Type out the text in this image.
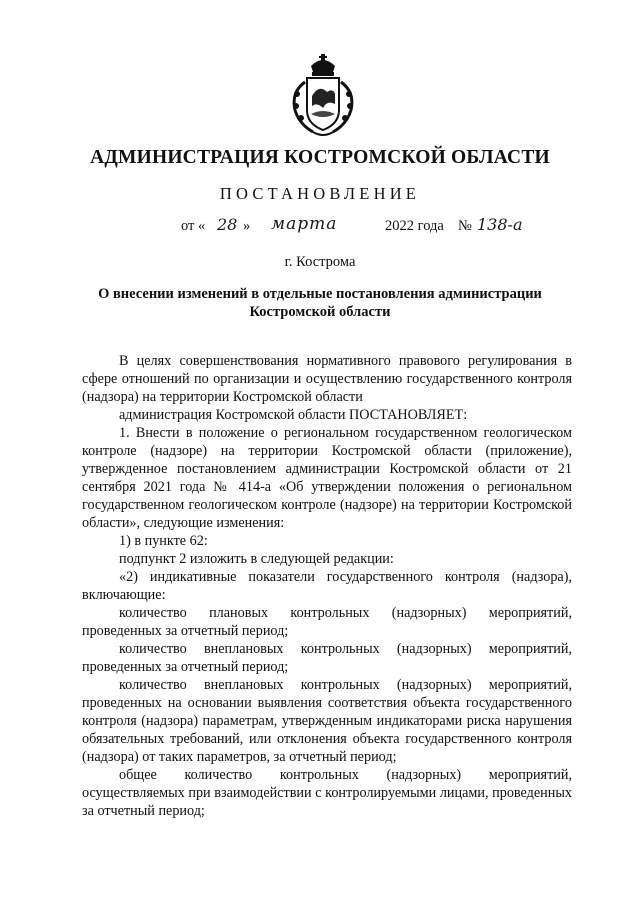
АДМИНИСТРАЦИЯ КОСТРОМСКОЙ ОБЛАСТИ
ПОСТАНОВЛЕНИЕ
от « 28 » марта	2022 года № 138-а
г. Кострома
О внесении изменений в отдельные постановления администрации Костромской области

В целях совершенствования нормативного правового регулирования в сфере отношений по организации и осуществлению государственного контроля (надзора) на территории Костромской области

администрация Костромской области ПОСТАНОВЛЯЕТ:

1. Внести в положение о региональном государственном геологическом контроле (надзоре) на территории Костромской области (приложение), утвержденное постановлением администрации Костромской области от 21 сентября 2021 года № 414-а «Об утверждении положения о региональном государственном геологическом контроле (надзоре) на территории Костромской области», следующие изменения:

1) в пункте 62:

подпункт 2 изложить в следующей редакции:

«2) индикативные показатели государственного контроля (надзора), включающие:

количество плановых контрольных (надзорных) мероприятий, проведенных за отчетный период;

количество внеплановых контрольных (надзорных) мероприятий, проведенных за отчетный период;

количество внеплановых контрольных (надзорных) мероприятий, проведенных на основании выявления соответствия объекта государственного контроля (надзора) параметрам, утвержденным индикаторами риска нарушения обязательных требований, или отклонения объекта государственного контроля (надзора) от таких параметров, за отчетный период;

общее количество контрольных (надзорных) мероприятий, осуществляемых при взаимодействии с контролируемыми лицами, проведенных за отчетный период;
